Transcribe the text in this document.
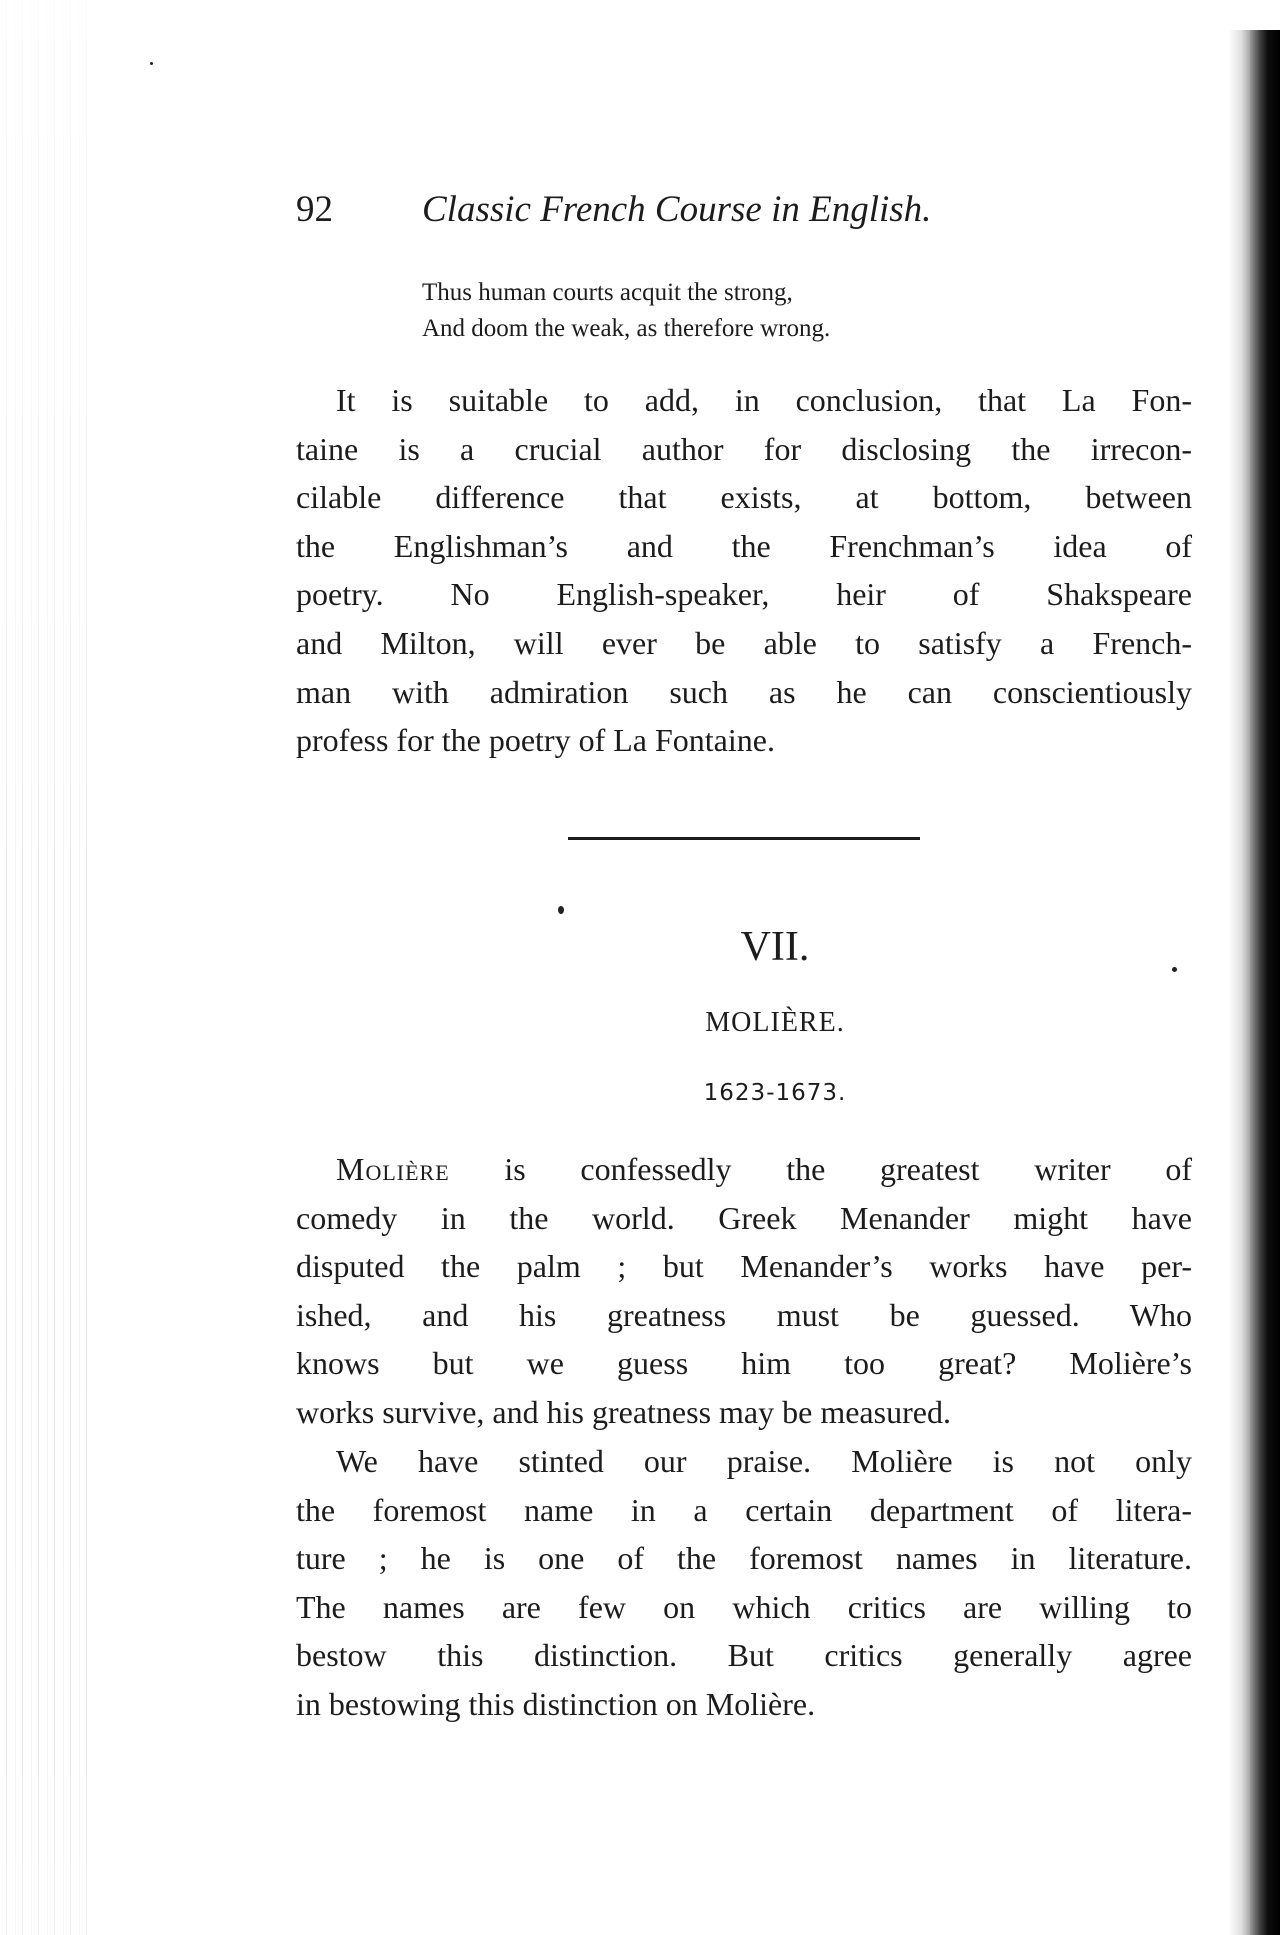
92 Classic French Course in English.
Thus human courts acquit the strong,
And doom the weak, as therefore wrong.
It is suitable to add, in conclusion, that La Fon-
taine is a crucial author for disclosing the irrecon-
cilable difference that exists, at bottom, between
the Englishman’s and the Frenchman’s idea of
poetry. No English-speaker, heir of Shakspeare
and Milton, will ever be able to satisfy a French-
man with admiration such as he can conscientiously
profess for the poetry of La Fontaine.
VII.
MOLIÈRE.
1623-1673.
Molière is confessedly the greatest writer of
comedy in the world. Greek Menander might have
disputed the palm ; but Menander’s works have per-
ished, and his greatness must be guessed. Who
knows but we guess him too great? Molière’s
works survive, and his greatness may be measured.
We have stinted our praise. Molière is not only
the foremost name in a certain department of litera-
ture ; he is one of the foremost names in literature.
The names are few on which critics are willing to
bestow this distinction. But critics generally agree
in bestowing this distinction on Molière.
